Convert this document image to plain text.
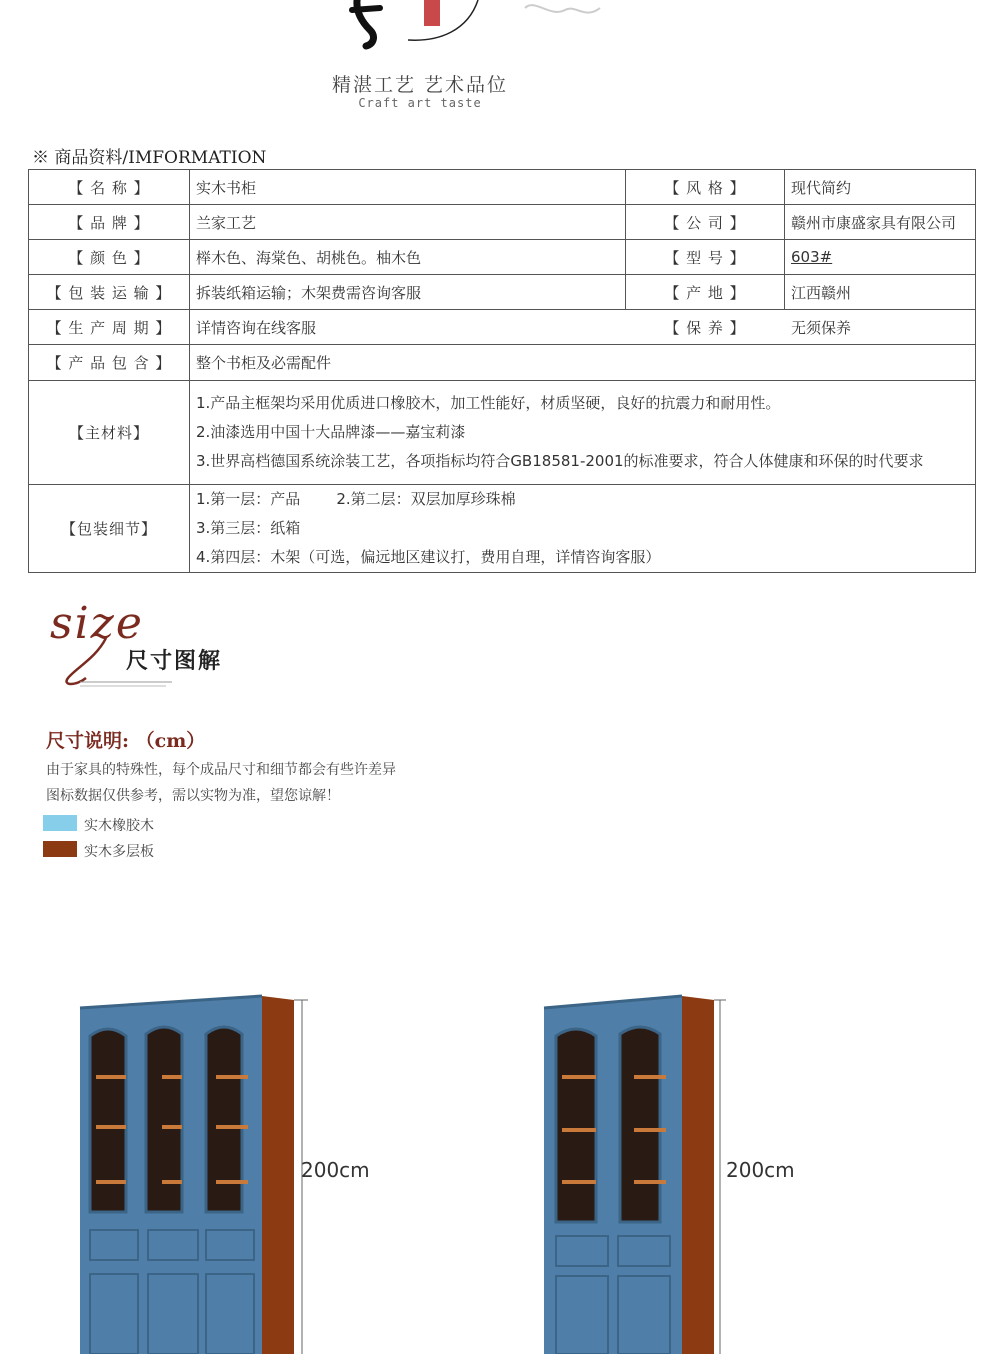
精湛工艺 艺术品位
Craft art taste
※ 商品资料/IMFORMATION
【 名 称 】	实木书柜	【 风 格 】	现代简约
【 品 牌 】	兰家工艺	【 公 司 】	赣州市康盛家具有限公司
【 颜 色 】	榉木色、海棠色、胡桃色。柚木色	【 型 号 】	603#
【 包 装 运 输 】	拆装纸箱运输；木架费需咨询客服	【 产 地 】	江西赣州
【 生 产 周 期 】	详情咨询在线客服	【 保 养 】	无须保养
【 产 品 包 含 】	整个书柜及必需配件		
【主材料】	1.产品主框架均采用优质进口橡胶木，加工性能好，材质坚硬，良好的抗震力和耐用性。
2.油漆选用中国十大品牌漆——嘉宝莉漆
3.世界高档德国系统涂装工艺，各项指标均符合GB18581-2001的标准要求，符合人体健康和环保的时代要求		

【包装细节】	1.第一层：产品 2.第二层：双层加厚珍珠棉
3.第三层：纸箱
4.第四层：木架（可选，偏远地区建议打，费用自理，详情咨询客服）		
size
尺寸图解
尺寸说明: （cm）
由于家具的特殊性，每个成品尺寸和细节都会有些许差异
图标数据仅供参考，需以实物为准，望您谅解！
实木橡胶木
实木多层板
200cm	200cm
